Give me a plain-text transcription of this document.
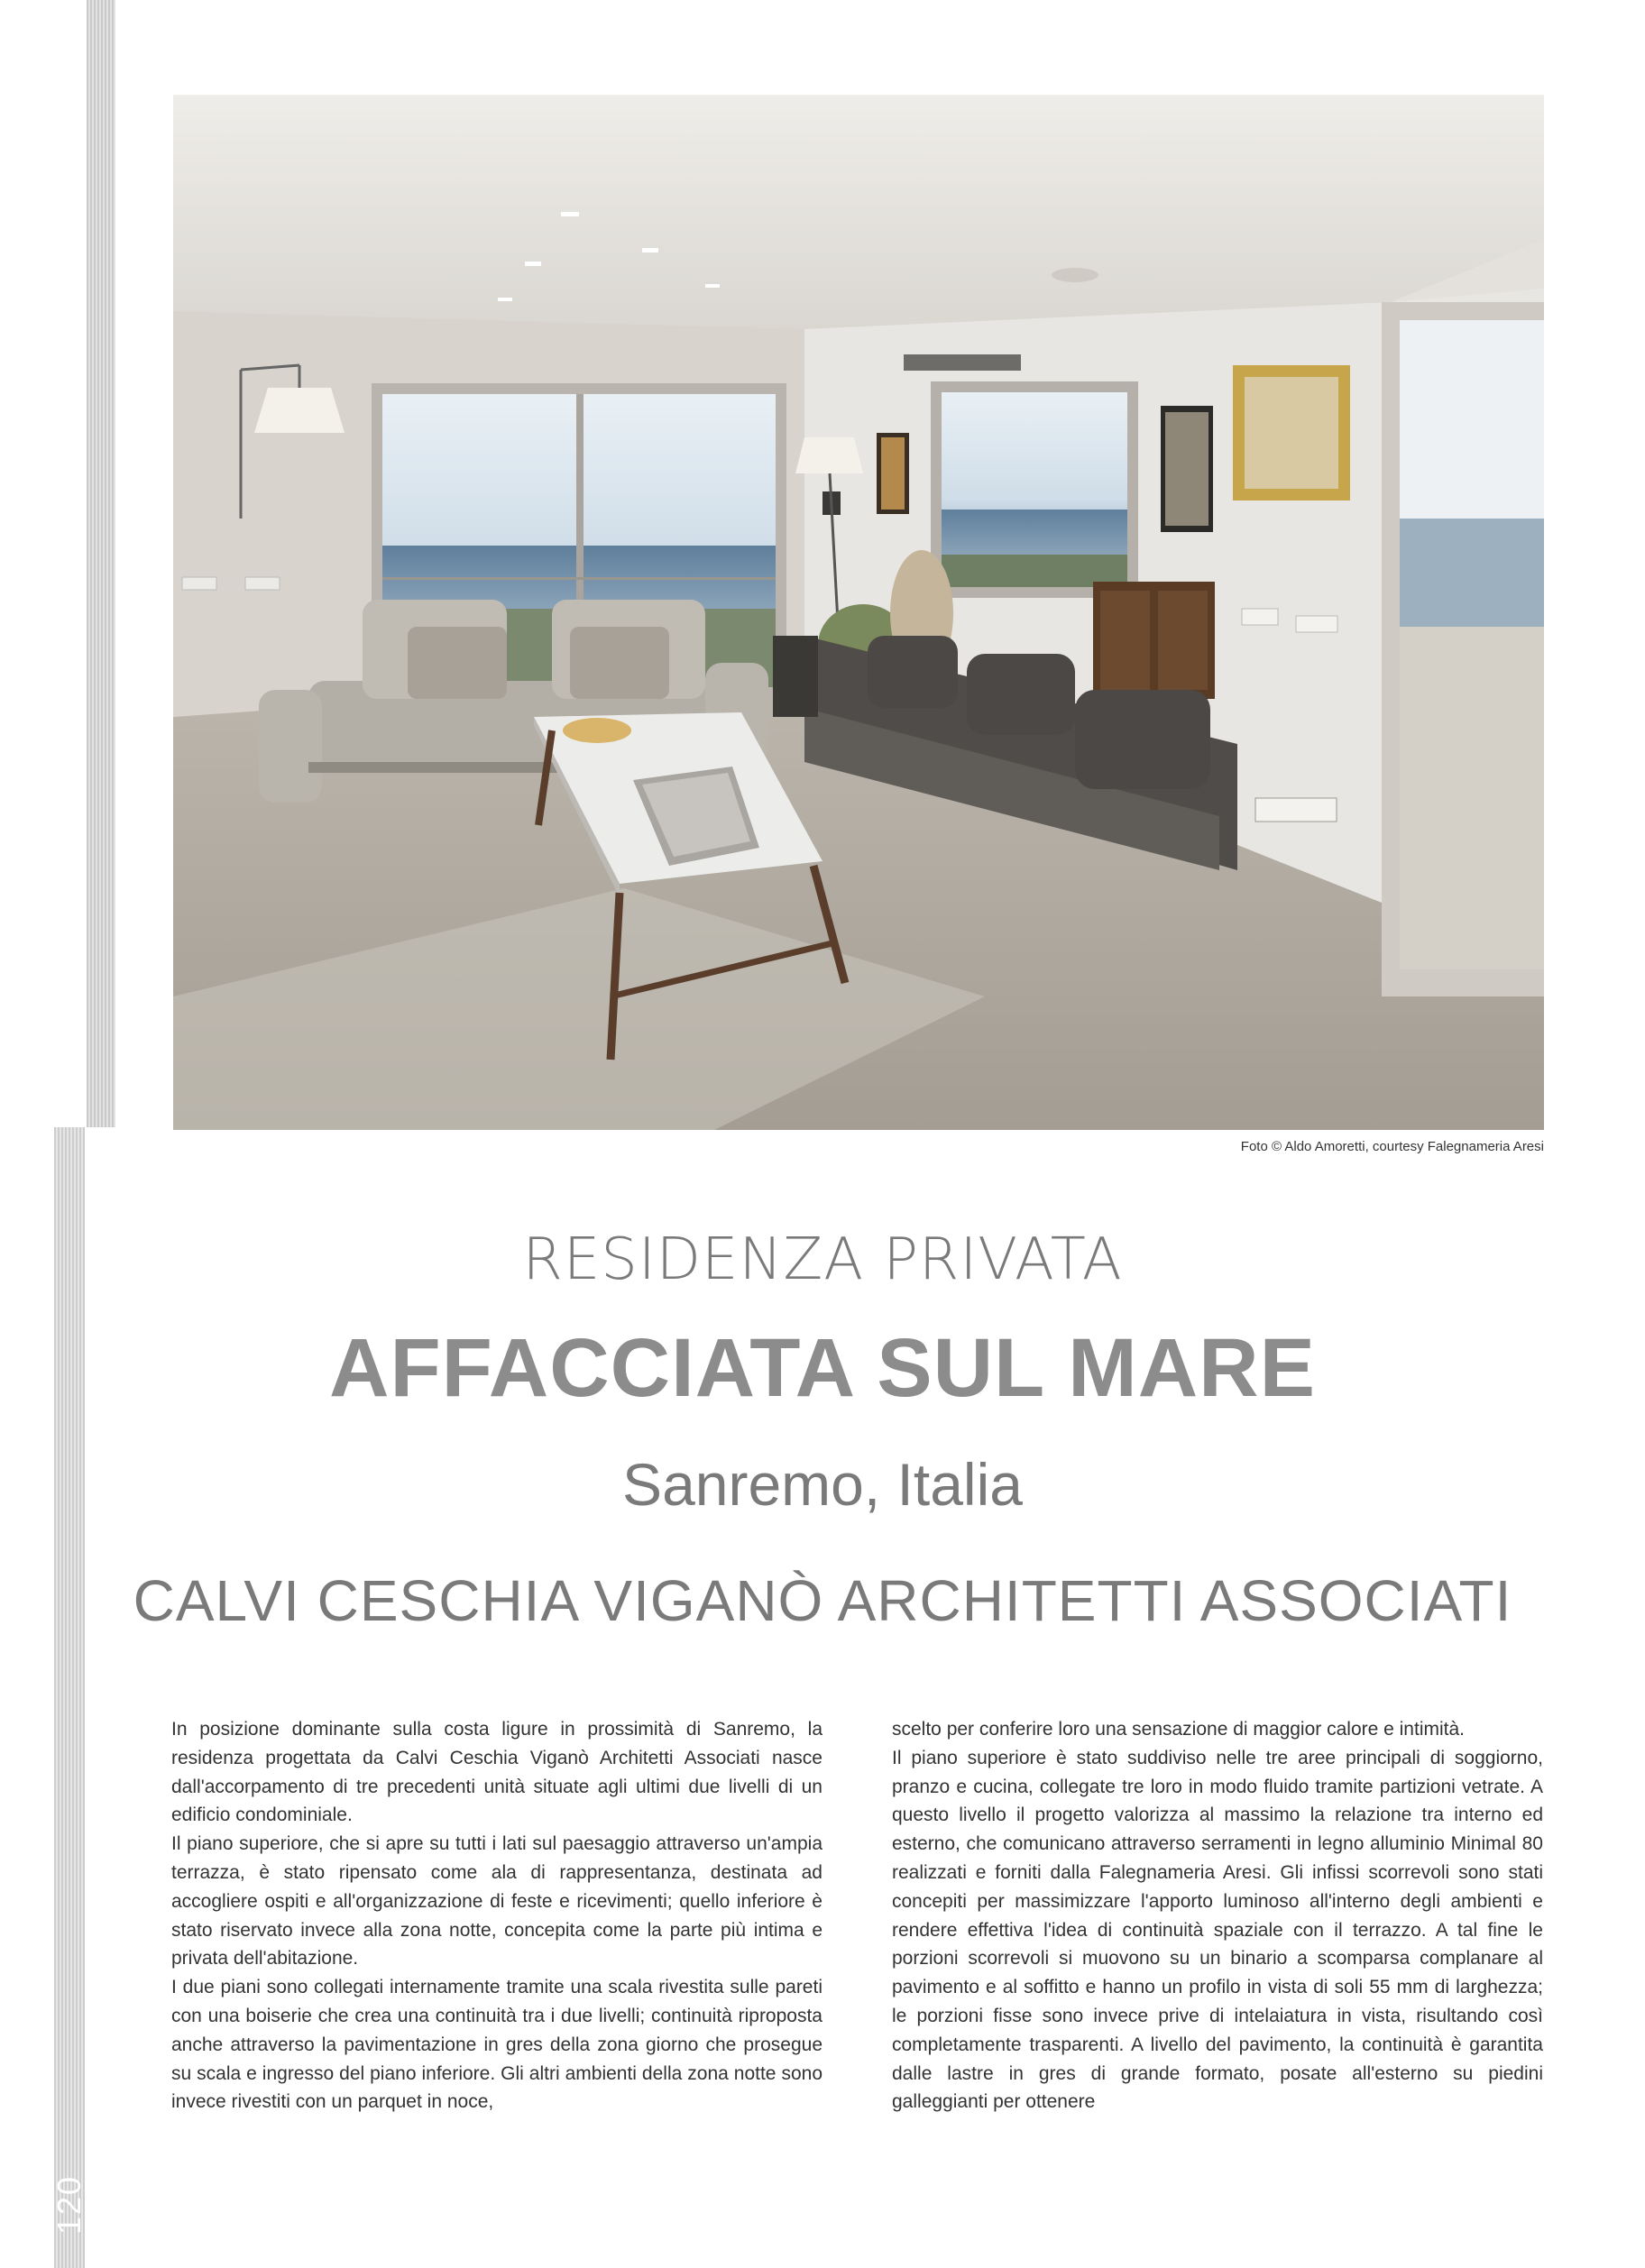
120
Foto © Aldo Amoretti, courtesy Falegnameria Aresi
RESIDENZA PRIVATA
AFFACCIATA SUL MARE
Sanremo, Italia
CALVI CESCHIA VIGANÒ ARCHITETTI ASSOCIATI

In posizione dominante sulla costa ligure in prossimità di Sanremo, la residenza progettata da Calvi Ceschia Viganò Architetti Associati nasce dall'accorpamento di tre precedenti unità situate agli ultimi due livelli di un edificio condominiale.

Il piano superiore, che si apre su tutti i lati sul paesaggio attraverso un'ampia terrazza, è stato ripensato come ala di rappresentanza, destinata ad accogliere ospiti e all'organizzazione di feste e ricevimenti; quello inferiore è stato riservato invece alla zona notte, concepita come la parte più intima e privata dell'abitazione.

I due piani sono collegati internamente tramite una scala rivestita sulle pareti con una boiserie che crea una continuità tra i due livelli; continuità riproposta anche attraverso la pavimentazione in gres della zona giorno che prosegue su scala e ingresso del piano inferiore. Gli altri ambienti della zona notte sono invece rivestiti con un parquet in noce,

scelto per conferire loro una sensazione di maggior calore e intimità.

Il piano superiore è stato suddiviso nelle tre aree principali di soggiorno, pranzo e cucina, collegate tre loro in modo fluido tramite partizioni vetrate. A questo livello il progetto valorizza al massimo la relazione tra interno ed esterno, che comunicano attraverso serramenti in legno alluminio Minimal 80 realizzati e forniti dalla Falegnameria Aresi. Gli infissi scorrevoli sono stati concepiti per massimizzare l'apporto luminoso all'interno degli ambienti e rendere effettiva l'idea di continuità spaziale con il terrazzo. A tal fine le porzioni scorrevoli si muovono su un binario a scomparsa complanare al pavimento e al soffitto e hanno un profilo in vista di soli 55 mm di larghezza; le porzioni fisse sono invece prive di intelaiatura in vista, risultando così completamente trasparenti. A livello del pavimento, la continuità è garantita dalle lastre in gres di grande formato, posate all'esterno su piedini galleggianti per ottenere
